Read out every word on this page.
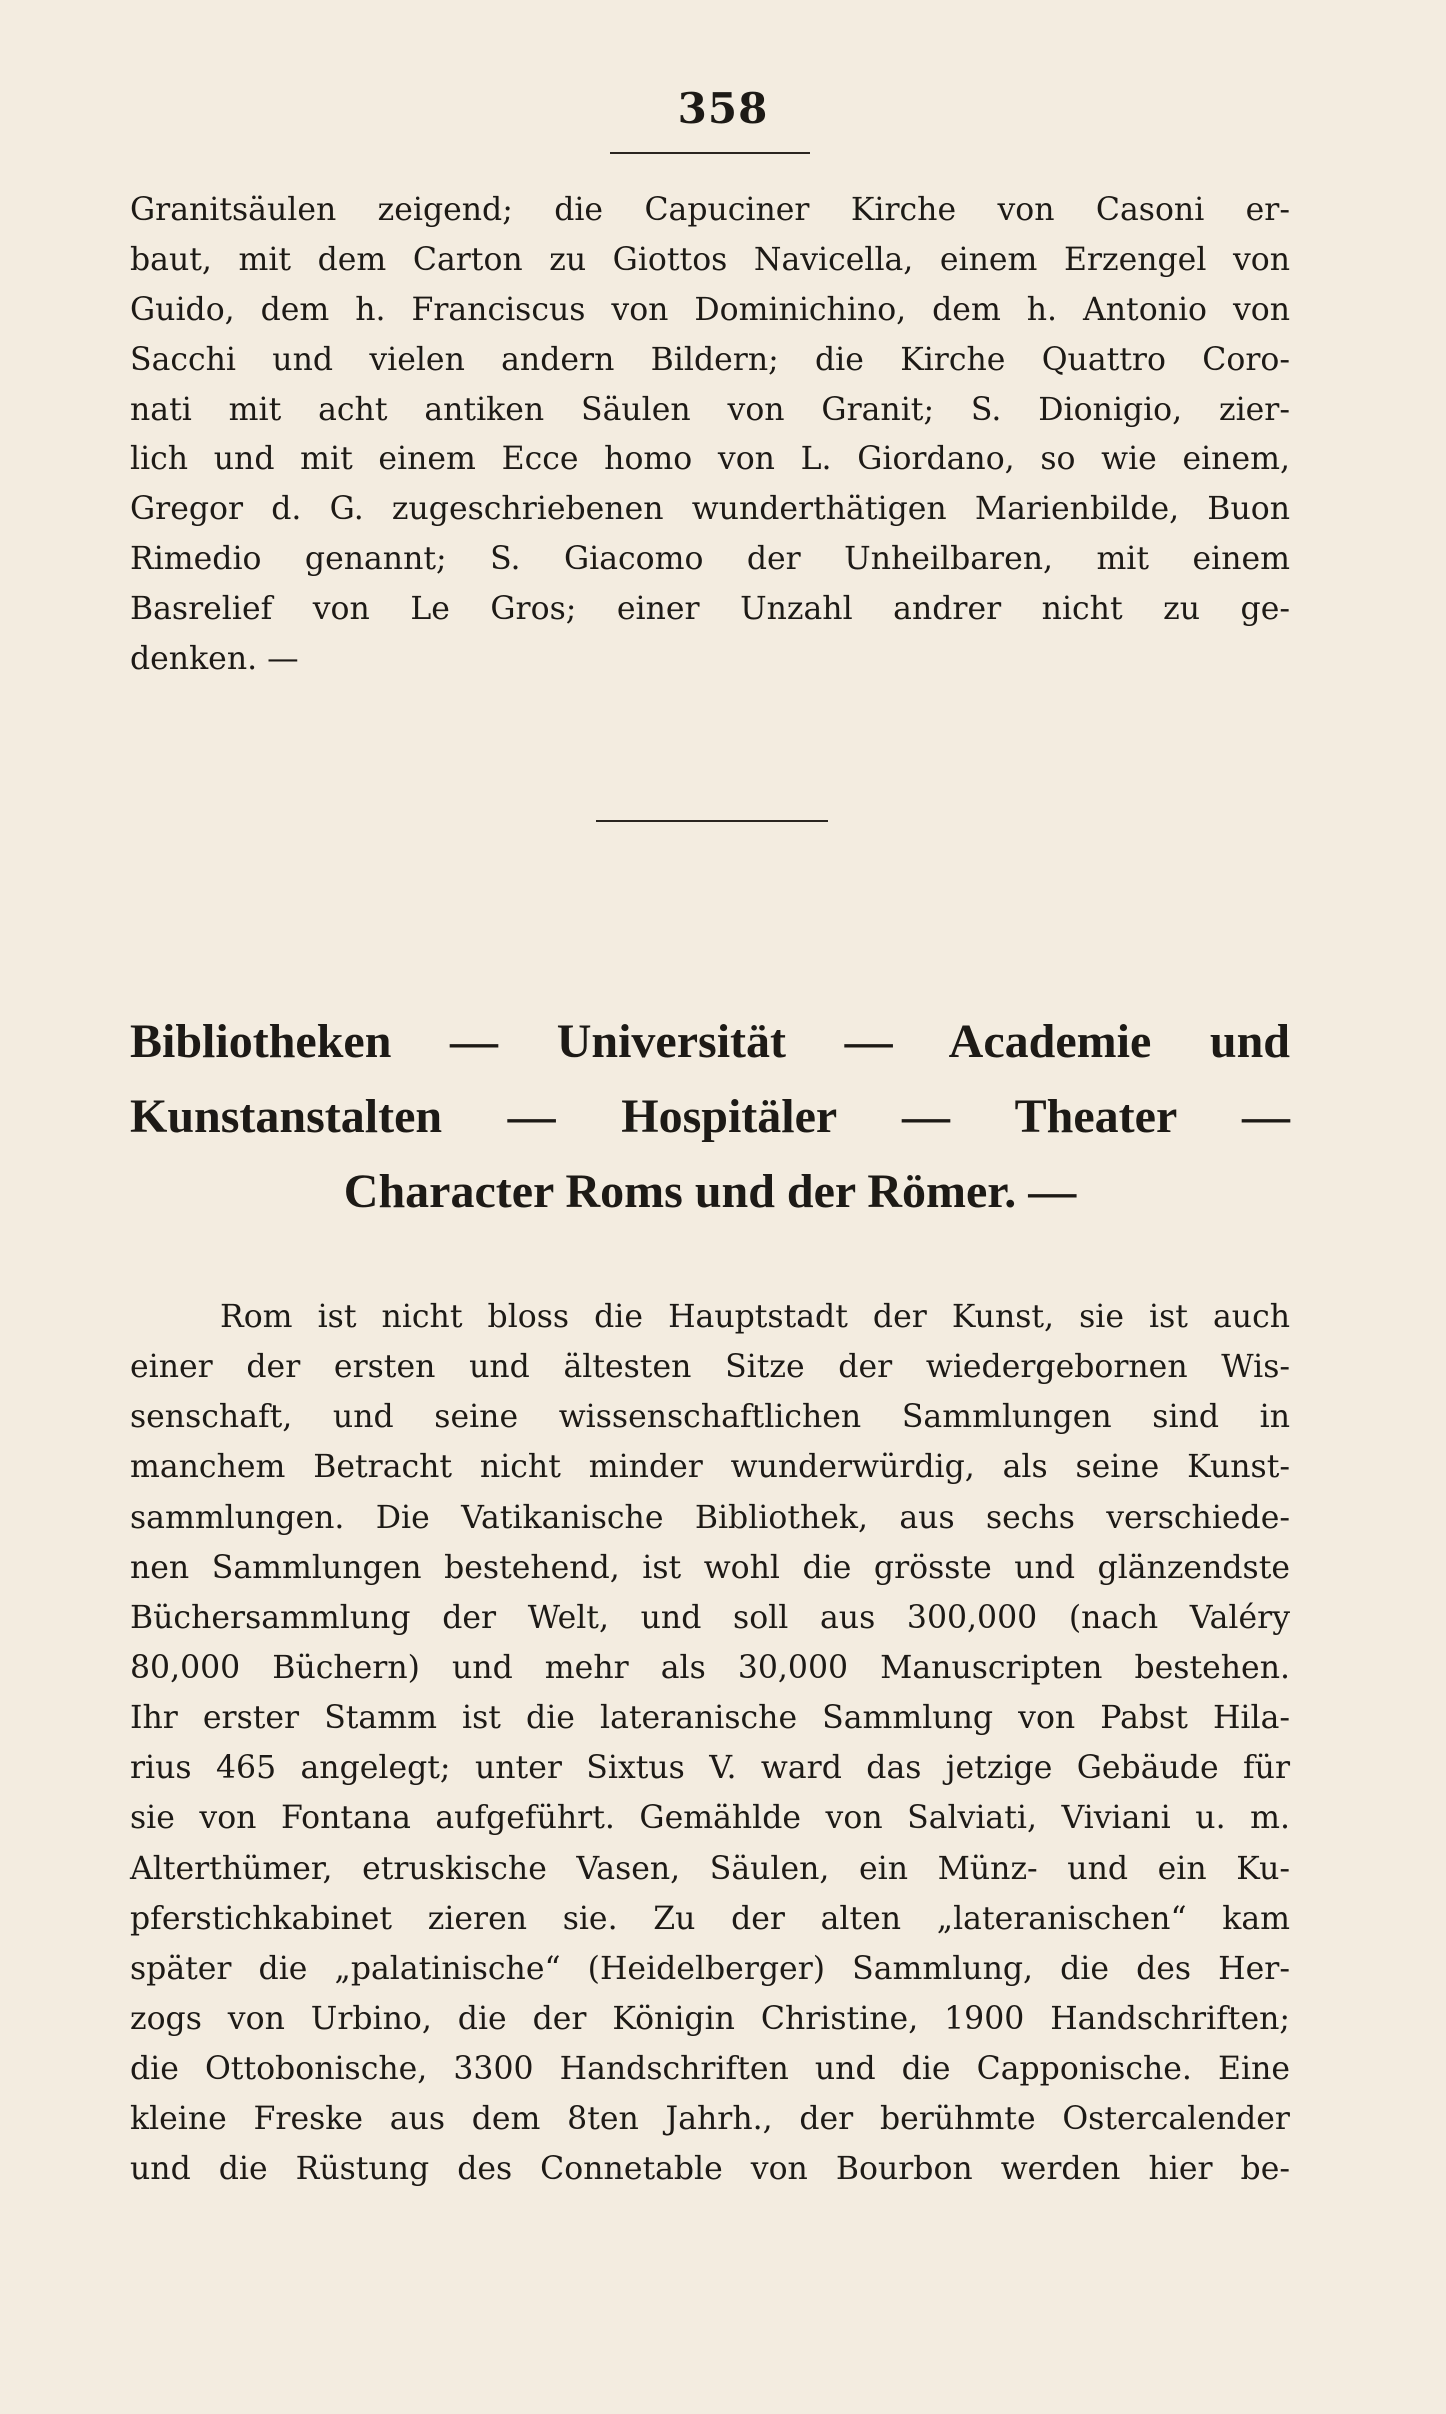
358
Granitsäulen zeigend; die Capuciner Kirche von Casoni er-
baut, mit dem Carton zu Giottos Navicella, einem Erzengel von
Guido, dem h. Franciscus von Dominichino, dem h. Antonio von
Sacchi und vielen andern Bildern; die Kirche Quattro Coro-
nati mit acht antiken Säulen von Granit; S. Dionigio, zier-
lich und mit einem Ecce homo von L. Giordano, so wie einem,
Gregor d. G. zugeschriebenen wunderthätigen Marienbilde, Buon
Rimedio genannt; S. Giacomo der Unheilbaren, mit einem
Basrelief von Le Gros; einer Unzahl andrer nicht zu ge-
denken. —
Bibliotheken — Universität — Academie und
Kunstanstalten — Hospitäler — Theater —
Character Roms und der Römer. —
Rom ist nicht bloss die Hauptstadt der Kunst, sie ist auch
einer der ersten und ältesten Sitze der wiedergebornen Wis-
senschaft, und seine wissenschaftlichen Sammlungen sind in
manchem Betracht nicht minder wunderwürdig, als seine Kunst-
sammlungen. Die Vatikanische Bibliothek, aus sechs verschiede-
nen Sammlungen bestehend, ist wohl die grösste und glänzendste
Büchersammlung der Welt, und soll aus 300,000 (nach Valéry
80,000 Büchern) und mehr als 30,000 Manuscripten bestehen.
Ihr erster Stamm ist die lateranische Sammlung von Pabst Hila-
rius 465 angelegt; unter Sixtus V. ward das jetzige Gebäude für
sie von Fontana aufgeführt. Gemählde von Salviati, Viviani u. m.
Alterthümer, etruskische Vasen, Säulen, ein Münz- und ein Ku-
pferstichkabinet zieren sie. Zu der alten „lateranischen“ kam
später die „palatinische“ (Heidelberger) Sammlung, die des Her-
zogs von Urbino, die der Königin Christine, 1900 Handschriften;
die Ottobonische, 3300 Handschriften und die Capponische. Eine
kleine Freske aus dem 8ten Jahrh., der berühmte Ostercalender
und die Rüstung des Connetable von Bourbon werden hier be-
